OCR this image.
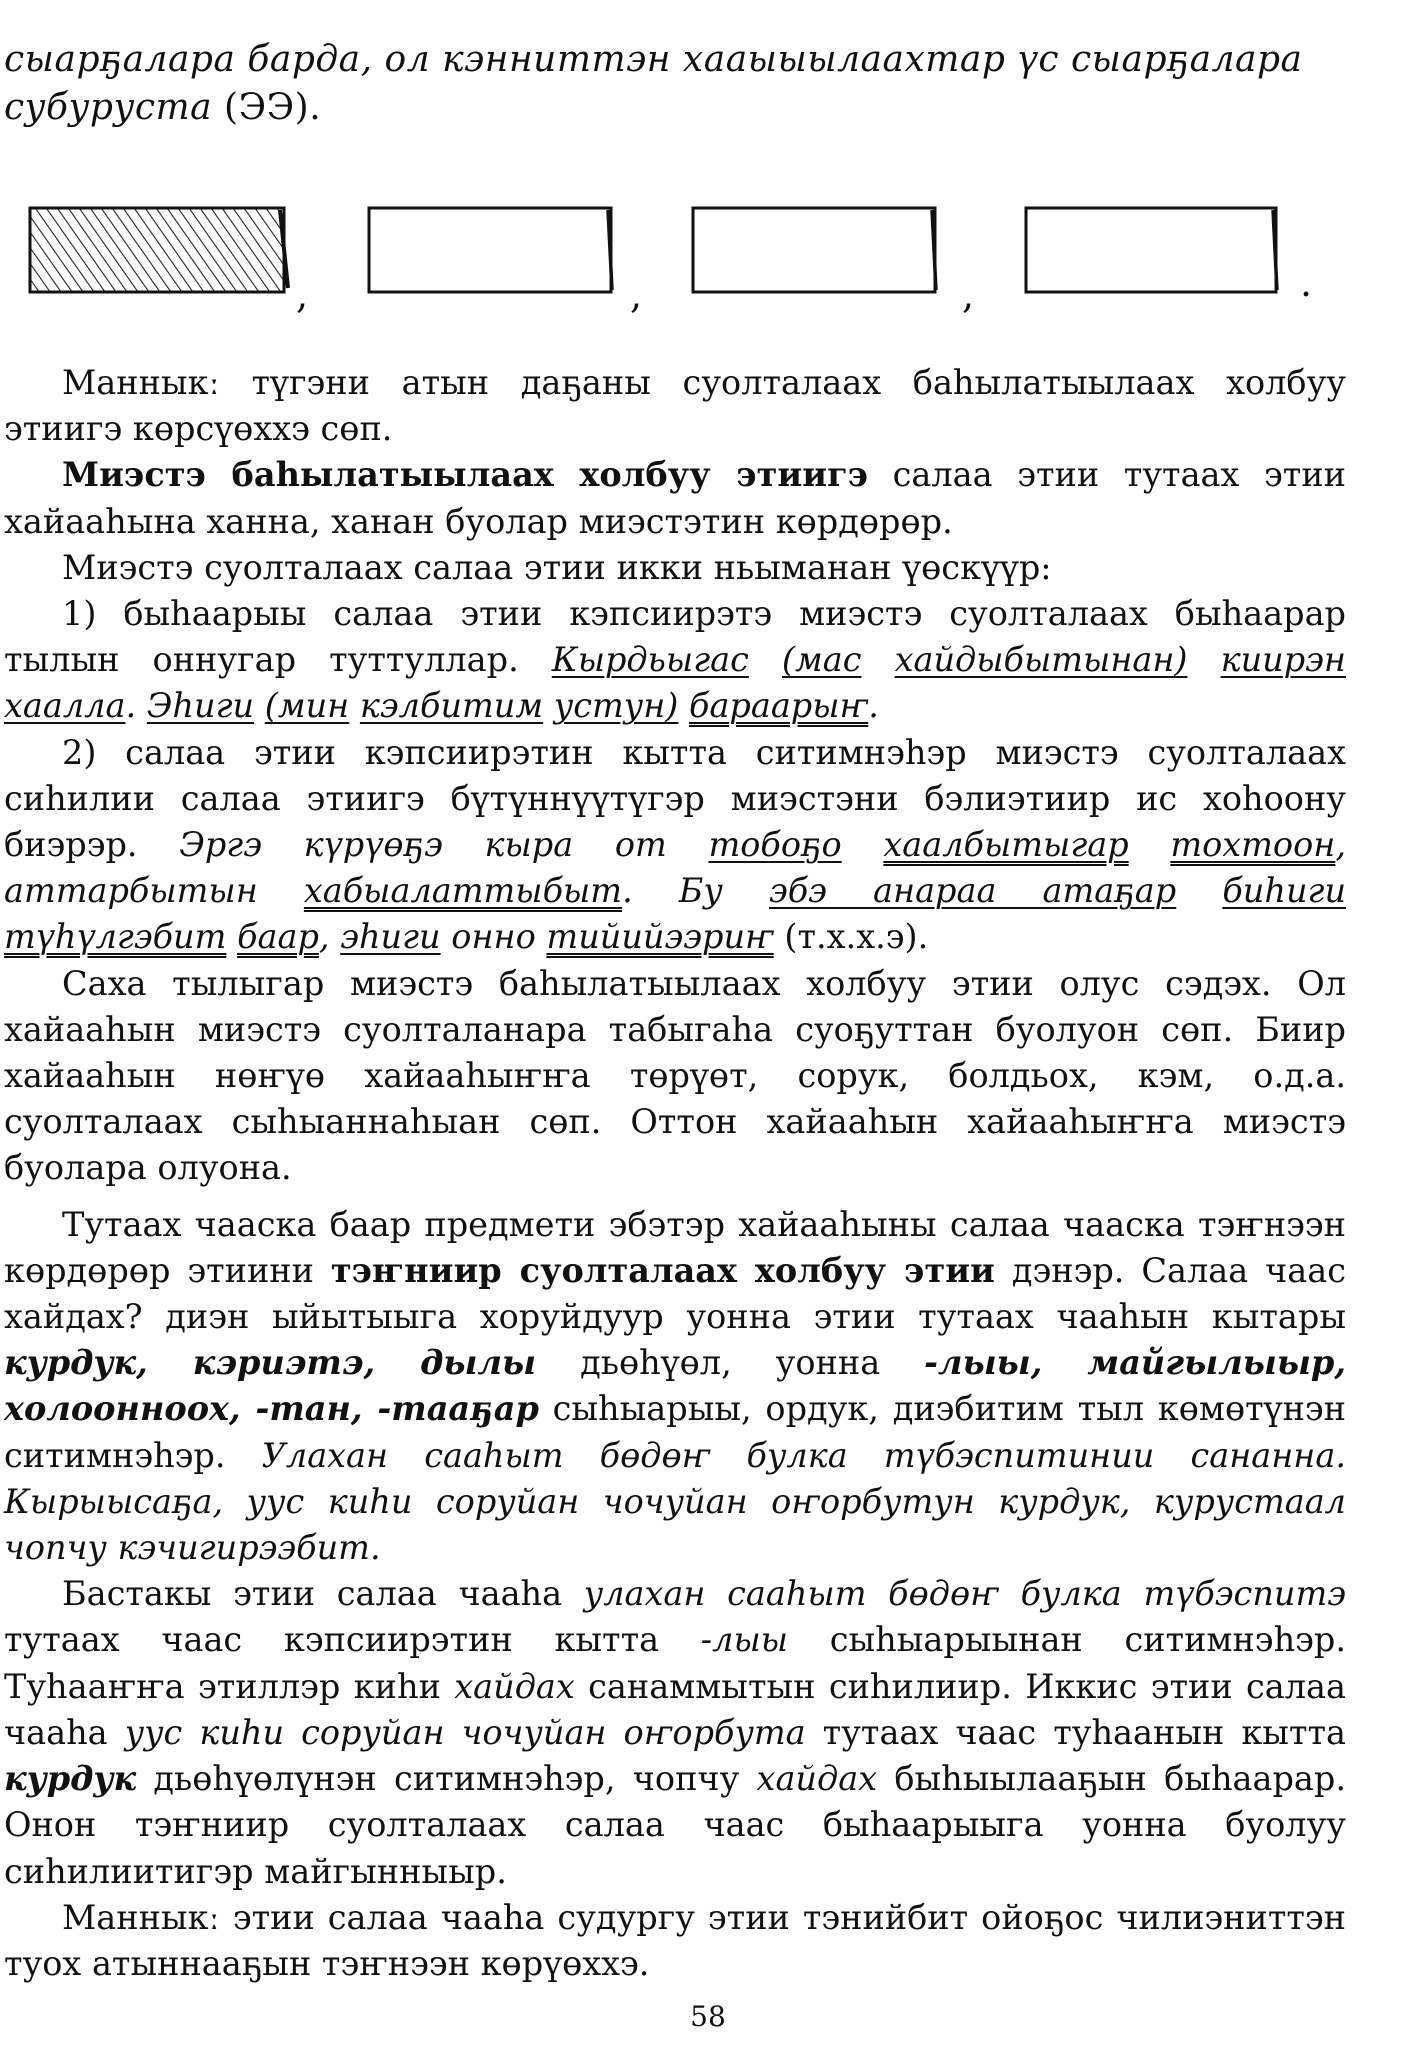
сыарҕалара барда, ол кэнниттэн хааыыылаахтар үс сыарҕалара субурустa (ЭЭ).
,	,	,	.

Манныкː түгэни атын даҕаны суолталаах баһылатыылаах холбуу этиигэ көрсүөххэ сөп.

Миэстэ баһылатыылаах холбуу этиигэ салаа этии тутаах этии хайааһына ханна, ханан буолар миэстэтин көрдөрөр.

Миэстэ суолталаах салаа этии икки ньыманан үөскүүр:

1) быһаарыы салаа этии кэпсиирэтэ миэстэ суолталаах быһаарар тылын оннугар туттуллар. Кырдьыгас (мас хайдыбытынан) киирэн хаалла. Эһиги (мин кэлбитим устун) бараарыҥ.

2) салаа этии кэпсиирэтин кытта ситимнэһэр миэстэ суолталаах сиһилии салаа этиигэ бүтүннүүтүгэр миэстэни бэлиэтиир ис хоһоону биэрэр. Эргэ күрүөҕэ кыра от тобоҕо хаалбытыгар тохтоон, аттарбытын хабыалаттыбыт. Бу эбэ анараа атаҕар биһиги түһүлгэбит баар, эһиги онно тийийээриҥ (т.х.х.э).

Саха тылыгар миэстэ баһылатыылаах холбуу этии олус сэдэх. Ол хайааһын миэстэ суолталанара табыгаһа суоҕуттан буолуон сөп. Биир хайааһын нөҥүө хайааһыҥҥа төрүөт, сорук, болдьох, кэм, о.д.а. суолталаах сыһыаннаһыан сөп. Оттон хайааһын хайааһыҥҥа миэстэ буолара олуона.

Тутаах чааска баар предмети эбэтэр хайааһыны салаа чааска тэҥнээн көрдөрөр этиини тэҥниир суолталаах холбуу этии дэнэр. Салаа чаас хайдах? диэн ыйытыыга хоруйдуур уонна этии тутаах чааһын кытары курдук, кэриэтэ, дылы дьөһүөл, уонна -лыы, майгылыыр, холоонноох, -тан, -тааҕар сыһыарыы, ордук, диэбитим тыл көмөтүнэн ситимнэһэр. Улахан сааһыт бөдөҥ булка түбэспитинии сананна. Кырыысаҕа, уус киһи соруйан чочуйан оҥорбутун курдук, курустаал чопчу кэчигирээбит.

Бастакы этии салаа чааһа улахан сааһыт бөдөҥ булка түбэспитэ тутаах чаас кэпсиирэтин кытта -лыы сыһыарыынан ситимнэһэр. Туһааҥҥа этиллэр киһи хайдах санаммытын сиһилиир. Иккис этии салаа чааһа уус киһи соруйан чочуйан оҥорбута тутаах чаас туһаанын кытта курдук дьөһүөлүнэн ситимнэһэр, чопчу хайдах быһыылааҕын быһаарар. Онон тэҥниир суолталаах салаа чаас быһаарыыга уонна буолуу сиһилиитигэр майгынныыр.

Манныкː этии салаа чааһа судургу этии тэнийбит ойоҕос чилиэниттэн туох атыннааҕын тэҥнээн көрүөххэ.

58
